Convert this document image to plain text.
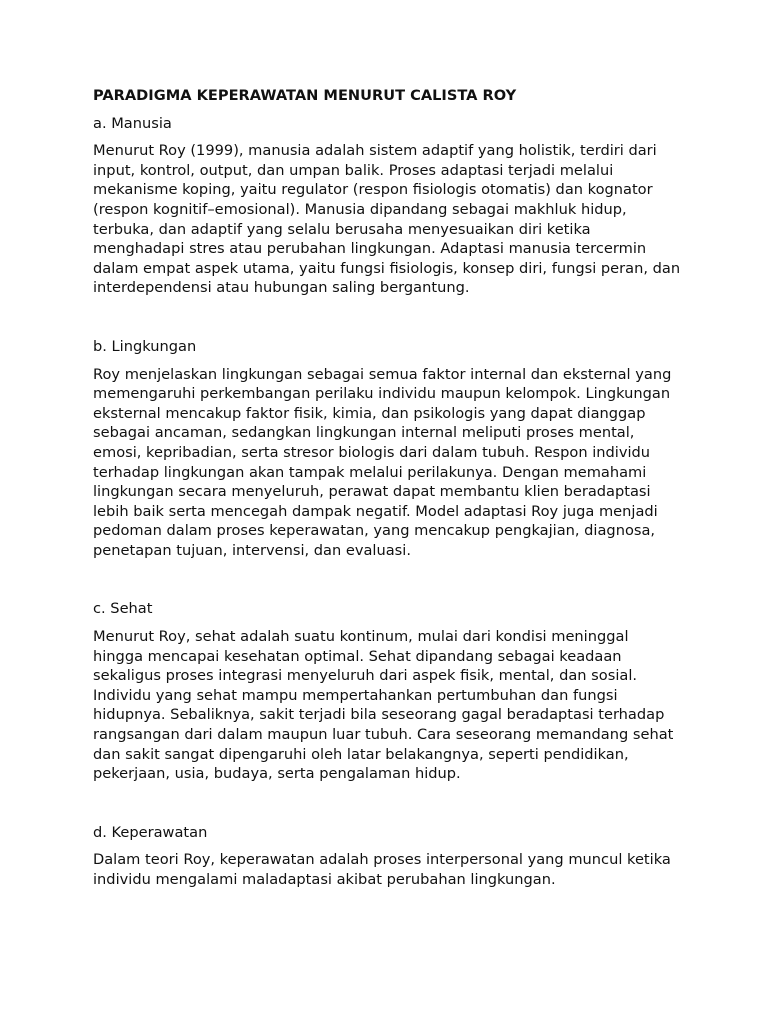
PARADIGMA KEPERAWATAN MENURUT CALISTA ROY
a. Manusia

Menurut Roy (1999), manusia adalah sistem adaptif yang holistik, terdiri dari input, kontrol, output, dan umpan balik. Proses adaptasi terjadi melalui mekanisme koping, yaitu regulator (respon fisiologis otomatis) dan kognator (respon kognitif–emosional). Manusia dipandang sebagai makhluk hidup, terbuka, dan adaptif yang selalu berusaha menyesuaikan diri ketika menghadapi stres atau perubahan lingkungan. Adaptasi manusia tercermin dalam empat aspek utama, yaitu fungsi fisiologis, konsep diri, fungsi peran, dan interdependensi atau hubungan saling bergantung.

b. Lingkungan

Roy menjelaskan lingkungan sebagai semua faktor internal dan eksternal yang memengaruhi perkembangan perilaku individu maupun kelompok. Lingkungan eksternal mencakup faktor fisik, kimia, dan psikologis yang dapat dianggap sebagai ancaman, sedangkan lingkungan internal meliputi proses mental, emosi, kepribadian, serta stresor biologis dari dalam tubuh. Respon individu terhadap lingkungan akan tampak melalui perilakunya. Dengan memahami lingkungan secara menyeluruh, perawat dapat membantu klien beradaptasi lebih baik serta mencegah dampak negatif. Model adaptasi Roy juga menjadi pedoman dalam proses keperawatan, yang mencakup pengkajian, diagnosa, penetapan tujuan, intervensi, dan evaluasi.

c. Sehat

Menurut Roy, sehat adalah suatu kontinum, mulai dari kondisi meninggal hingga mencapai kesehatan optimal. Sehat dipandang sebagai keadaan sekaligus proses integrasi menyeluruh dari aspek fisik, mental, dan sosial. Individu yang sehat mampu mempertahankan pertumbuhan dan fungsi hidupnya. Sebaliknya, sakit terjadi bila seseorang gagal beradaptasi terhadap rangsangan dari dalam maupun luar tubuh. Cara seseorang memandang sehat dan sakit sangat dipengaruhi oleh latar belakangnya, seperti pendidikan, pekerjaan, usia, budaya, serta pengalaman hidup.

d. Keperawatan

Dalam teori Roy, keperawatan adalah proses interpersonal yang muncul ketika individu mengalami maladaptasi akibat perubahan lingkungan.
